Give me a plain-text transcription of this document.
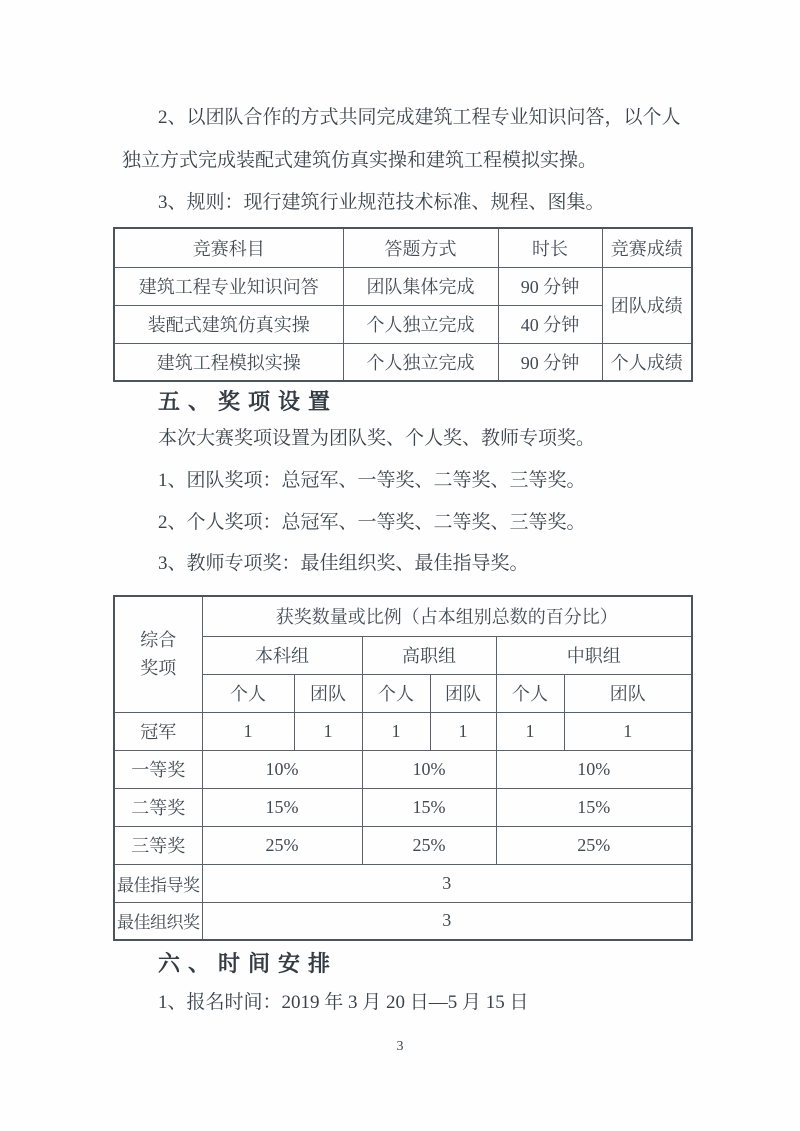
2、以团队合作的方式共同完成建筑工程专业知识问答，以个人
独立方式完成装配式建筑仿真实操和建筑工程模拟实操。
3、规则：现行建筑行业规范技术标准、规程、图集。
竞赛科目	答题方式	时长	竞赛成绩
建筑工程专业知识问答	团队集体完成	90 分钟	团队成绩
装配式建筑仿真实操	个人独立完成	40 分钟	
建筑工程模拟实操	个人独立完成	90 分钟	个人成绩
五、奖项设置
本次大赛奖项设置为团队奖、个人奖、教师专项奖。
1、团队奖项：总冠军、一等奖、二等奖、三等奖。
2、个人奖项：总冠军、一等奖、二等奖、三等奖。
3、教师专项奖：最佳组织奖、最佳指导奖。
综合
奖项	获奖数量或比例（占本组别总数的百分比）					
	本科组		高职组		中职组	
	个人	团队	个人	团队	个人	团队
冠军	1	1	1	1	1	1
一等奖	10%		10%		10%	
二等奖	15%		15%		15%	
三等奖	25%		25%		25%	
最佳指导奖	3					
最佳组织奖	3					
六、时间安排
1、报名时间：2019 年 3 月 20 日—5 月 15 日
3
